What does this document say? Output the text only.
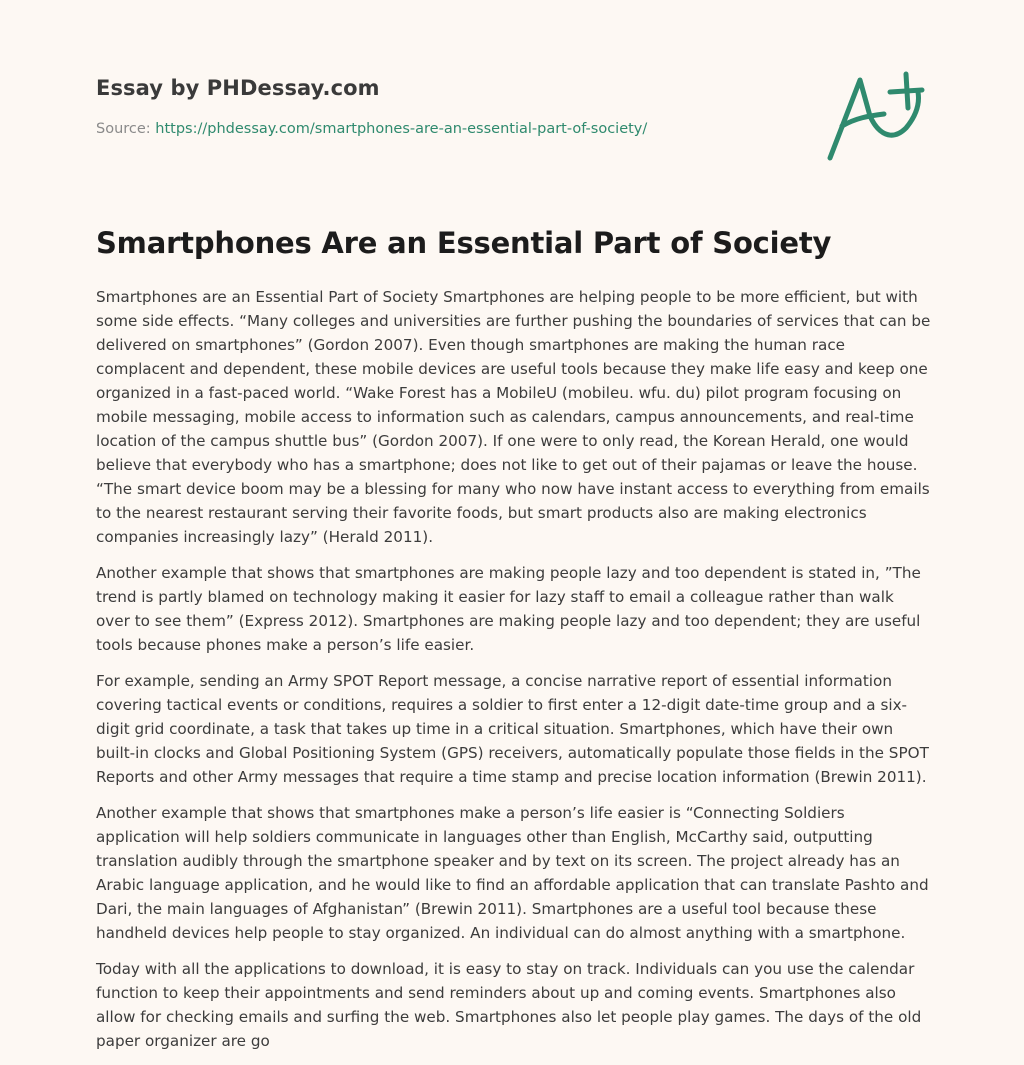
Essay by PHDessay.com
Source: https://phdessay.com/smartphones-are-an-essential-part-of-society/
Smartphones Are an Essential Part of Society

Smartphones are an Essential Part of Society Smartphones are helping people to be more efficient, but with some side effects. “Many colleges and universities are further pushing the boundaries of services that can be delivered on smartphones” (Gordon 2007). Even though smartphones are making the human race complacent and dependent, these mobile devices are useful tools because they make life easy and keep one organized in a fast-paced world. “Wake Forest has a MobileU (mobileu. wfu. du) pilot program focusing on mobile messaging, mobile access to information such as calendars, campus announcements, and real-time location of the campus shuttle bus” (Gordon 2007). If one were to only read, the Korean Herald, one would believe that everybody who has a smartphone; does not like to get out of their pajamas or leave the house. “The smart device boom may be a blessing for many who now have instant access to everything from emails to the nearest restaurant serving their favorite foods, but smart products also are making electronics companies increasingly lazy” (Herald 2011).

Another example that shows that smartphones are making people lazy and too dependent is stated in, ”The trend is partly blamed on technology making it easier for lazy staff to email a colleague rather than walk over to see them” (Express 2012). Smartphones are making people lazy and too dependent; they are useful tools because phones make a person’s life easier.

For example, sending an Army SPOT Report message, a concise narrative report of essential information covering tactical events or conditions, requires a soldier to first enter a 12-digit date-time group and a six-digit grid coordinate, a task that takes up time in a critical situation. Smartphones, which have their own built-in clocks and Global Positioning System (GPS) receivers, automatically populate those fields in the SPOT Reports and other Army messages that require a time stamp and precise location information (Brewin 2011).

Another example that shows that smartphones make a person’s life easier is “Connecting Soldiers application will help soldiers communicate in languages other than English, McCarthy said, outputting translation audibly through the smartphone speaker and by text on its screen. The project already has an Arabic language application, and he would like to find an affordable application that can translate Pashto and Dari, the main languages of Afghanistan” (Brewin 2011). Smartphones are a useful tool because these handheld devices help people to stay organized. An individual can do almost anything with a smartphone.

Today with all the applications to download, it is easy to stay on track. Individuals can you use the calendar function to keep their appointments and send reminders about up and coming events. Smartphones also allow for checking emails and surfing the web. Smartphones also let people play games. The days of the old paper organizer are go
